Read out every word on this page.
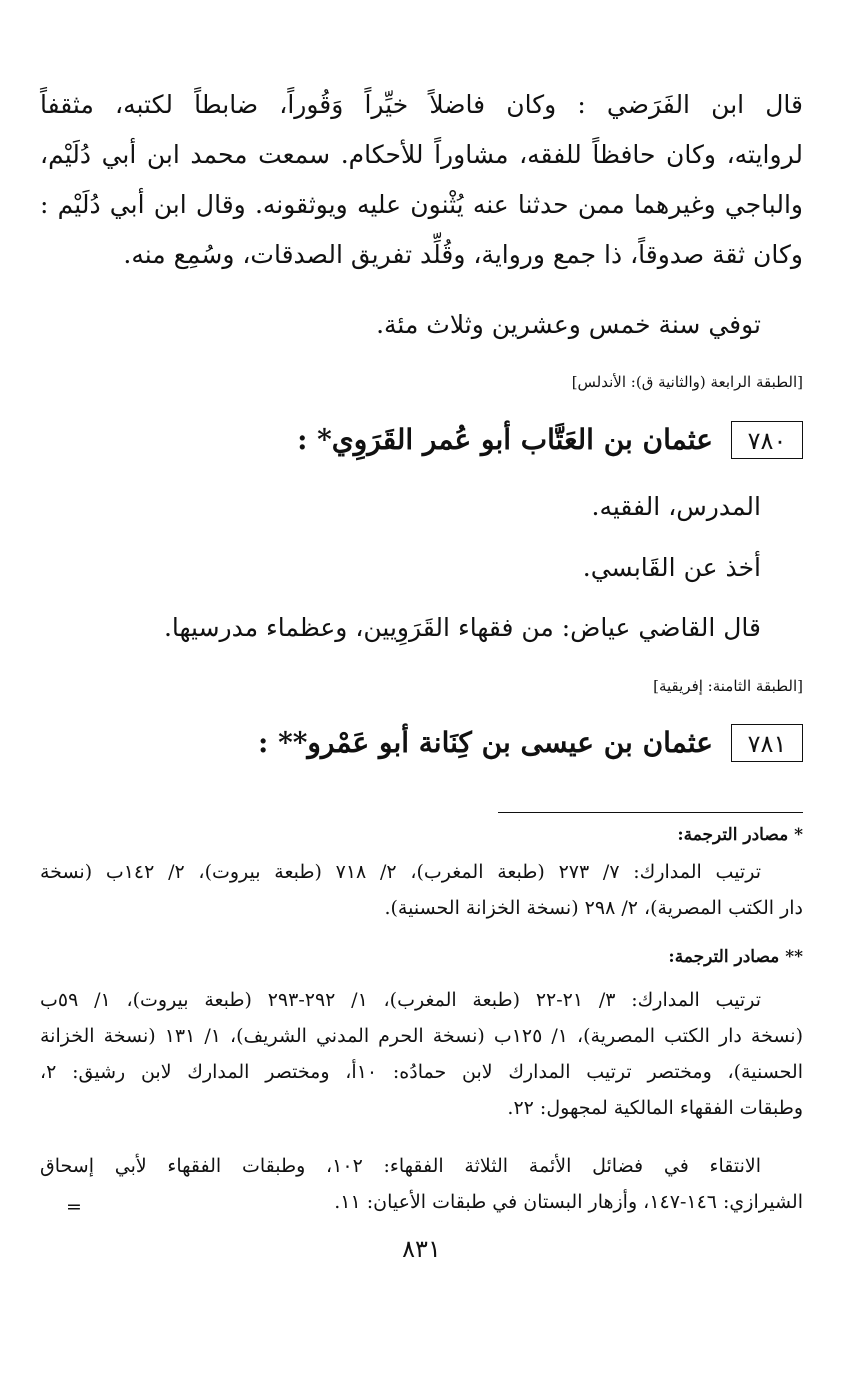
قال ابن الفَرَضي : وكان فاضلاً خيِّراً وَقُوراً، ضابطاً لكتبه، مثقفاً
لروايته، وكان حافظاً للفقه، مشاوراً للأحكام. سمعت محمد ابن أبي دُلَيْم،
والباجي وغيرهما ممن حدثنا عنه يُثْنون عليه ويوثقونه. وقال ابن أبي دُلَيْم :
وكان ثقة صدوقاً، ذا جمع ورواية، وقُلِّد تفريق الصدقات، وسُمِع منه.

توفي سنة خمس وعشرين وثلاث مئة.

[الطبقة الرابعة (والثانية ق): الأندلس]
٧٨٠
عثمان بن العَتَّاب أبو عُمر القَرَوِي* :

المدرس، الفقيه.

أخذ عن القَابسي.

قال القاضي عياض: من فقهاء القَرَوِيين، وعظماء مدرسيها.

[الطبقة الثامنة: إفريقية]
٧٨١
عثمان بن عيسى بن كِنَانة أبو عَمْرو** :
* مصادر الترجمة:
ترتيب المدارك: ٧/ ٢٧٣ (طبعة المغرب)، ٢/ ٧١٨ (طبعة بيروت)، ٢/ ١٤٢ب (نسخة
دار الكتب المصرية)، ٢/ ٢٩٨ (نسخة الخزانة الحسنية).
** مصادر الترجمة:
ترتيب المدارك: ٣/ ٢١-٢٢ (طبعة المغرب)، ١/ ٢٩٢-٢٩٣ (طبعة بيروت)، ١/ ٥٩ب
(نسخة دار الكتب المصرية)، ١/ ١٢٥ب (نسخة الحرم المدني الشريف)، ١/ ١٣١ (نسخة الخزانة
الحسنية)، ومختصر ترتيب المدارك لابن حمادُه: ١٠أ، ومختصر المدارك لابن رشيق: ٢،
وطبقات الفقهاء المالكية لمجهول: ٢٢.
الانتقاء في فضائل الأئمة الثلاثة الفقهاء: ١٠٢، وطبقات الفقهاء لأبي إسحاق
الشيرازي: ١٤٦-١٤٧، وأزهار البستان في طبقات الأعيان: ١١.
=
٨٣١
